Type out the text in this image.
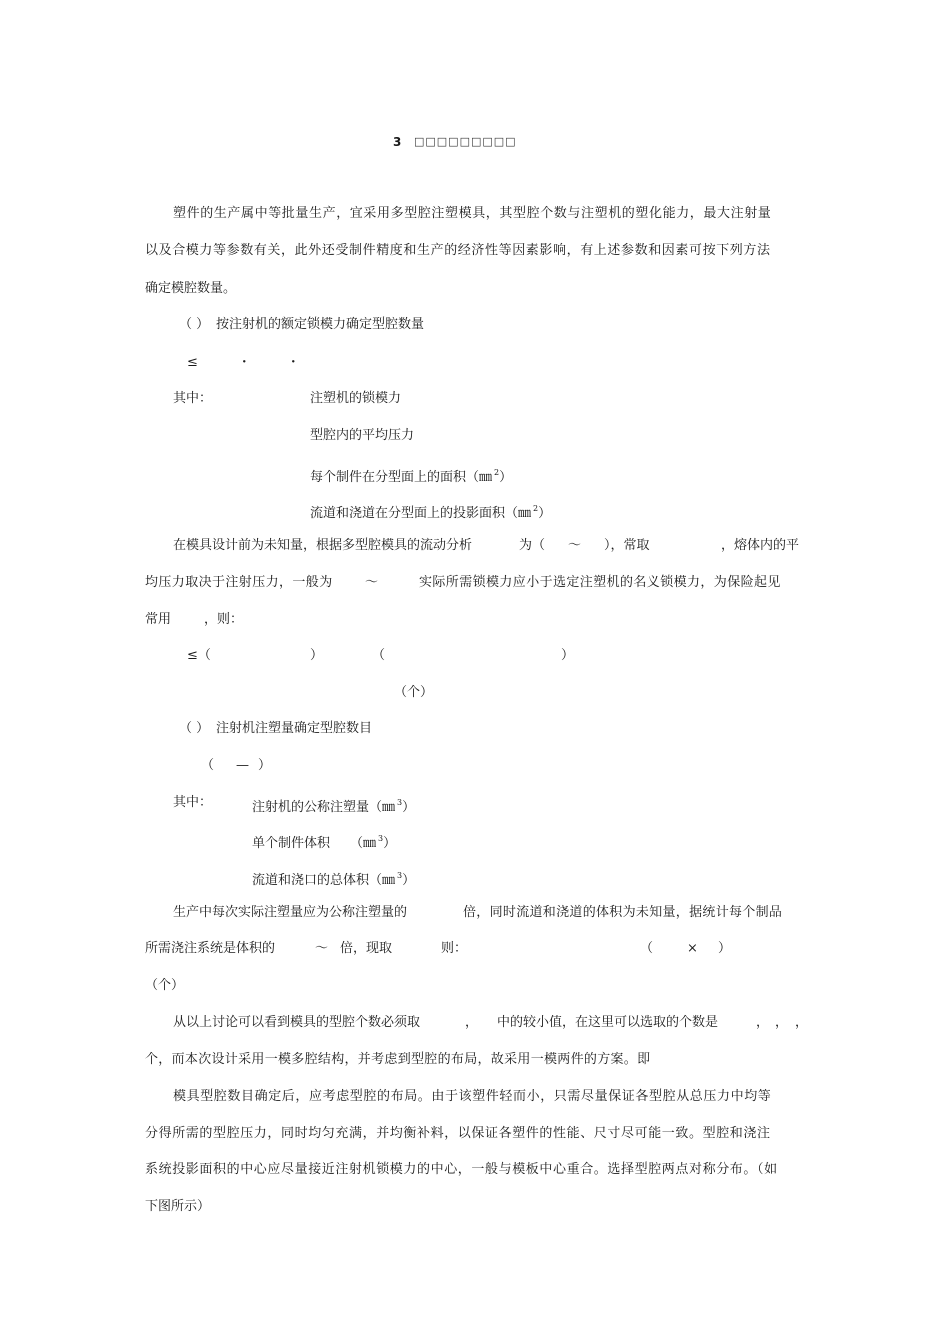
3 □□□□□□□□□
塑件的生产属中等批量生产，宜采用多型腔注塑模具，其型腔个数与注塑机的塑化能力，最大注射量
以及合模力等参数有关，此外还受制件精度和生产的经济性等因素影响，有上述参数和因素可按下列方法
确定模腔数量。
（ ） 按注射机的额定锁模力确定型腔数量
≤	·	·
其中：	注塑机的锁模力
型腔内的平均压力
每个制件在分型面上的面积（㎜ $^2$）
流道和浇道在分型面上的投影面积（㎜ $^2$）
在模具设计前为未知量，根据多型腔模具的流动分析	为（ ～ ），常取	，熔体内的平
均压力取决于注射压力，一般为 ～	实际所需锁模力应小于选定注塑机的名义锁模力，为保险起见
常用	，则：
≤（	）	（	）
（个）
（ ） 注射机注塑量确定型腔数目
（ — ）
其中：	注射机的公称注塑量（㎜ $^3$）
单个制件体积 （㎜ $^3$）
流道和浇口的总体积（㎜ $^3$）
生产中每次实际注塑量应为公称注塑量的	倍，同时流道和浇道的体积为未知量，据统计每个制品
所需浇注系统是体积的	～ 倍，现取	则：	（	× ）
（个）
从以上讨论可以看到模具的型腔个数必须取	， 中的较小值，在这里可以选取的个数是	， ， ，
个，而本次设计采用一模多腔结构，并考虑到型腔的布局，故采用一模两件的方案。即
模具型腔数目确定后，应考虑型腔的布局。由于该塑件轻而小，只需尽量保证各型腔从总压力中均等
分得所需的型腔压力，同时均匀充满，并均衡补料，以保证各塑件的性能、尺寸尽可能一致。型腔和浇注
系统投影面积的中心应尽量接近注射机锁模力的中心，一般与模板中心重合。选择型腔两点对称分布。（如
下图所示）
